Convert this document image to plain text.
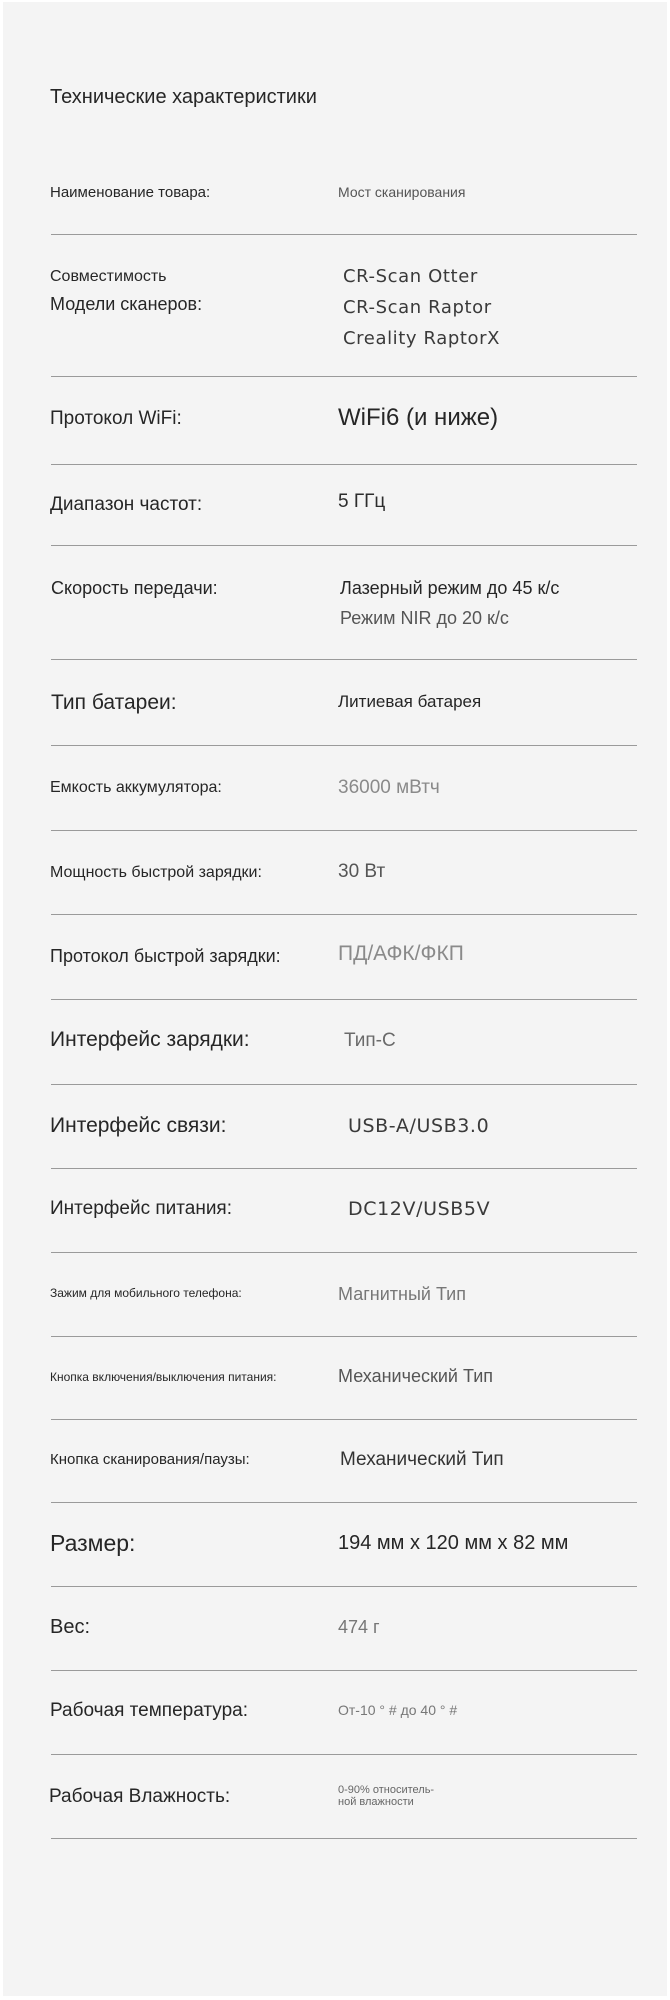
Технические характеристики
Наименование товара:	Мост сканирования
Совместимость
Модели сканеров:
CR-Scan Otter
CR-Scan Raptor
Creality RaptorX
Протокол WiFi:	WiFi6 (и ниже)
Диапазон частот:	5 ГГц
Скорость передачи:	Лазерный режим до 45 к/с
Режим NIR до 20 к/с
Тип батареи:	Литиевая батарея
Емкость аккумулятора:	36000 мВтч
Мощность быстрой зарядки:	30 Вт
Протокол быстрой зарядки:	ПД/АФК/ФКП
Интерфейс зарядки:	Тип-С
Интерфейс связи:	USB-A/USB3.0
Интерфейс питания:	DC12V/USB5V
Зажим для мобильного телефона:	Магнитный Тип
Кнопка включения/выключения питания:	Механический Тип
Кнопка сканирования/паузы:	Механический Тип
Размер:	194 мм x 120 мм x 82 мм
Вес:	474 г
Рабочая температура:	От-10 ° # до 40 ° #
Рабочая Влажность:	0-90% относитель-
ной влажности
